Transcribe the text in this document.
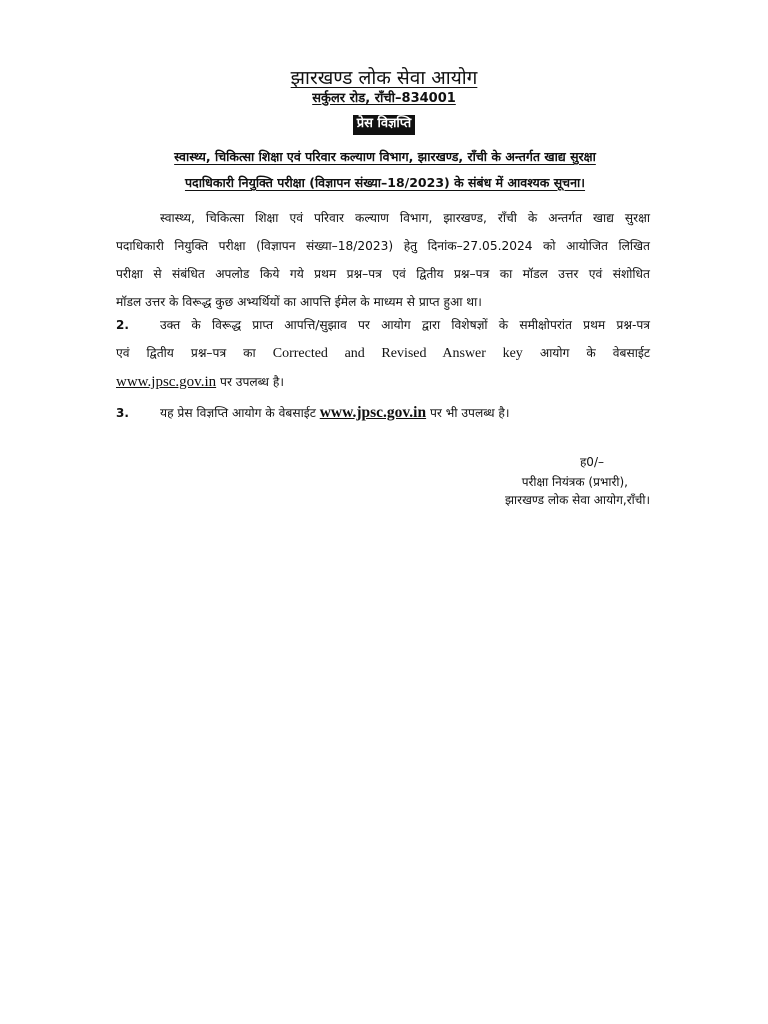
झारखण्ड लोक सेवा आयोग
सर्कुलर रोड, राँची–834001
प्रेस विज्ञप्ति
स्वास्थ्य, चिकित्सा शिक्षा एवं परिवार कल्याण विभाग, झारखण्ड, राँची के अन्तर्गत खाद्य सुरक्षा
पदाधिकारी नियुक्ति परीक्षा (विज्ञापन संख्या–18/2023) के संबंध में आवश्यक सूचना।
स्वास्थ्य, चिकित्सा शिक्षा एवं परिवार कल्याण विभाग, झारखण्ड, राँची के अन्तर्गत खाद्य सुरक्षा
पदाधिकारी नियुक्ति परीक्षा (विज्ञापन संख्या–18/2023) हेतु दिनांक–27.05.2024 को आयोजित लिखित
परीक्षा से संबंधित अपलोड किये गये प्रथम प्रश्न–पत्र एवं द्वितीय प्रश्न–पत्र का मॉडल उत्तर एवं संशोधित
मॉडल उत्तर के विरूद्ध कुछ अभ्यर्थियों का आपत्ति ईमेल के माध्यम से प्राप्त हुआ था।
2.	उक्त के विरूद्ध प्राप्त आपत्ति/सुझाव पर आयोग द्वारा विशेषज्ञों के समीक्षोपरांत प्रथम प्रश्न-पत्र
एवं द्वितीय प्रश्न–पत्र का Corrected and Revised Answer key आयोग के वेबसाईट
www.jpsc.gov.in पर उपलब्ध है।
3.	यह प्रेस विज्ञप्ति आयोग के वेबसाईट www.jpsc.gov.in पर भी उपलब्ध है।
ह0/–
परीक्षा नियंत्रक (प्रभारी),
झारखण्ड लोक सेवा आयोग,राँची।
